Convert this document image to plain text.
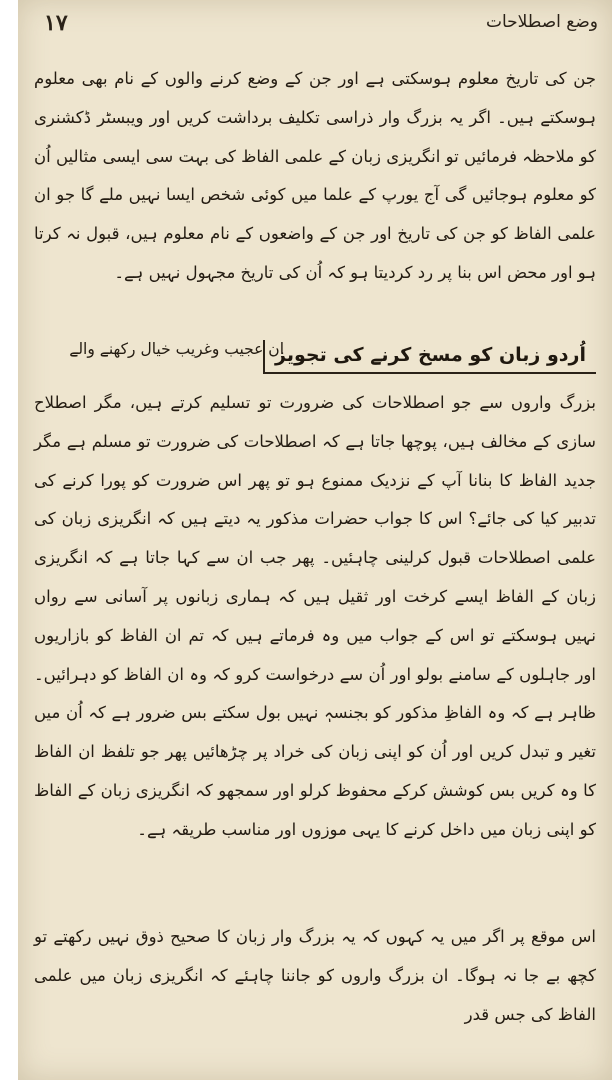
۱۷	وضع اصطلاحات
جن کی تاریخ معلوم ہوسکتی ہے اور جن کے وضع کرنے والوں کے نام بھی معلوم ہوسکتے ہیں۔ اگر یہ بزرگ وار ذراسی تکلیف برداشت کریں اور ویبسٹر ڈکشنری کو ملاحظہ فرمائیں تو انگریزی زبان کے علمی الفاظ کی بہت سی ایسی مثالیں اُن کو معلوم ہوجائیں گی آج یورپ کے علما میں کوئی شخص ایسا نہیں ملے گا جو ان علمی الفاظ کو جن کی تاریخ اور جن کے واضعوں کے نام معلوم ہیں، قبول نہ کرتا ہو اور محض اس بنا پر رد کردیتا ہو کہ اُن کی تاریخ مجہول نہیں ہے۔
اُردو زبان کو مسخ کرنے کی تجویز
ان عجیب وغریب خیال رکھنے والے
بزرگ واروں سے جو اصطلاحات کی ضرورت تو تسلیم کرتے ہیں، مگر اصطلاح سازی کے مخالف ہیں، پوچھا جاتا ہے کہ اصطلاحات کی ضرورت تو مسلم ہے مگر جدید الفاظ کا بنانا آپ کے نزدیک ممنوع ہو تو پھر اس ضرورت کو پورا کرنے کی تدبیر کیا کی جائے؟ اس کا جواب حضرات مذکور یہ دیتے ہیں کہ انگریزی زبان کی علمی اصطلاحات قبول کرلینی چاہئیں۔ پھر جب ان سے کہا جاتا ہے کہ انگریزی زبان کے الفاظ ایسے کرخت اور ثقیل ہیں کہ ہماری زبانوں پر آسانی سے رواں نہیں ہوسکتے تو اس کے جواب میں وہ فرماتے ہیں کہ تم ان الفاظ کو بازاریوں اور جاہلوں کے سامنے بولو اور اُن سے درخواست کرو کہ وہ ان الفاظ کو دہرائیں۔ ظاہر ہے کہ وہ الفاظِ مذکور کو بجنسہٖ نہیں بول سکتے بس ضرور ہے کہ اُن میں تغیر و تبدل کریں اور اُن کو اپنی زبان کی خراد پر چڑھائیں پھر جو تلفظ ان الفاظ کا وہ کریں بس کوشش کرکے محفوظ کرلو اور سمجھو کہ انگریزی زبان کے الفاظ کو اپنی زبان میں داخل کرنے کا یہی موزوں اور مناسب طریقہ ہے۔
اس موقع پر اگر میں یہ کہوں کہ یہ بزرگ وار زبان کا صحیح ذوق نہیں رکھتے تو کچھ بے جا نہ ہوگا۔ ان بزرگ واروں کو جاننا چاہئے کہ انگریزی زبان میں علمی الفاظ کی جس قدر
